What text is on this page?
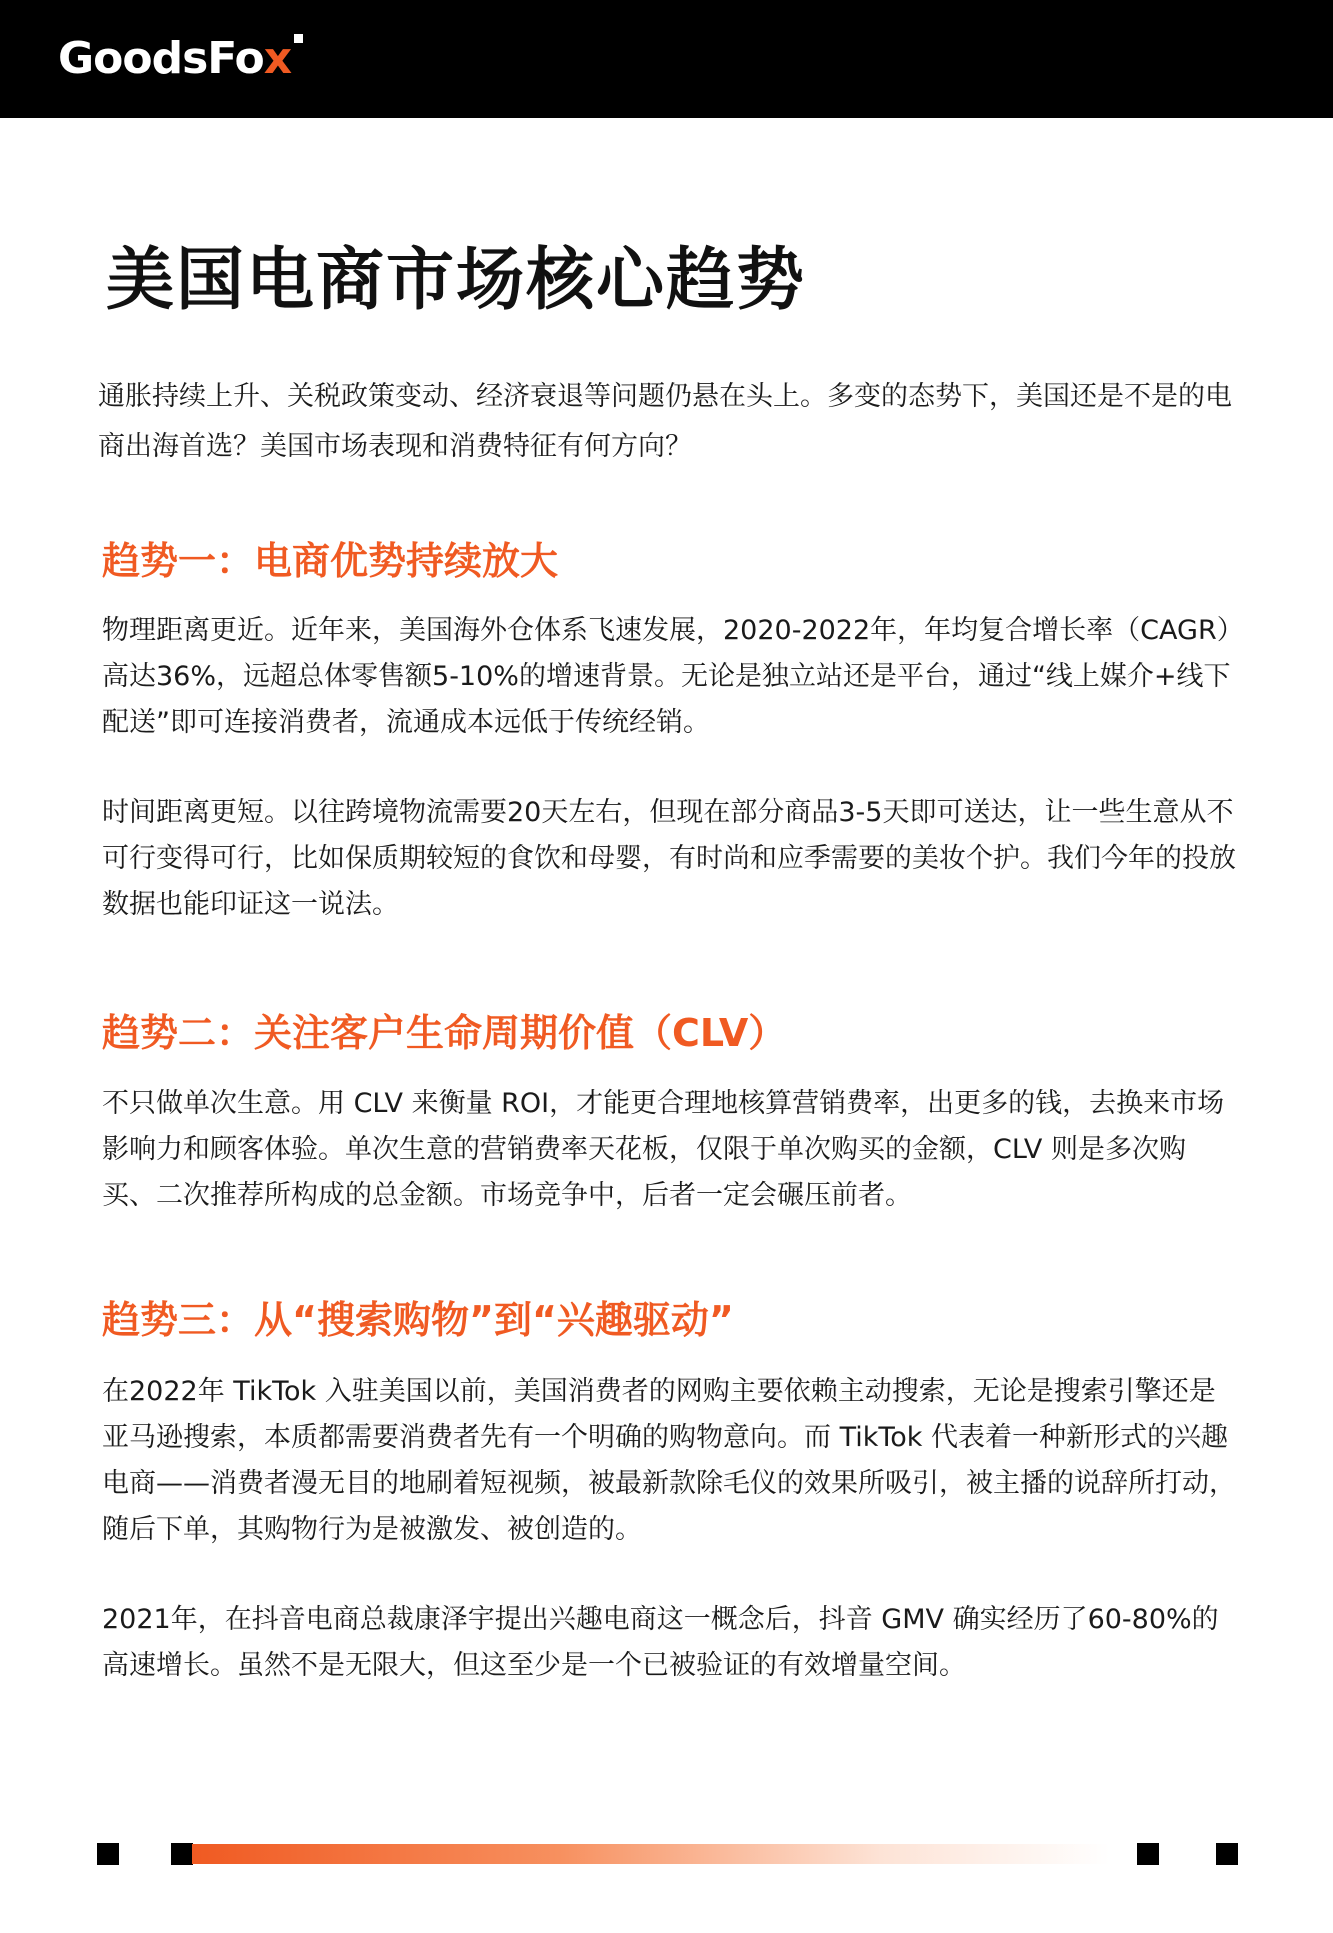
GoodsFo x
美国电商市场核心趋势

通胀持续上升、关税政策变动、经济衰退等问题仍悬在头上。多变的态势下，美国还是不是的电商出海首选？美国市场表现和消费特征有何方向？

趋势一：电商优势持续放大

物理距离更近。近年来，美国海外仓体系飞速发展，2020-2022年，年均复合增长率（CAGR）高达36%，远超总体零售额5-10%的增速背景。无论是独立站还是平台，通过“线上媒介+线下配送”即可连接消费者，流通成本远低于传统经销。

时间距离更短。以往跨境物流需要20天左右，但现在部分商品3-5天即可送达，让一些生意从不可行变得可行，比如保质期较短的食饮和母婴，有时尚和应季需要的美妆个护。我们今年的投放数据也能印证这一说法。

趋势二：关注客户生命周期价值（CLV）

不只做单次生意。用 CLV 来衡量 ROI，才能更合理地核算营销费率，出更多的钱，去换来市场影响力和顾客体验。单次生意的营销费率天花板，仅限于单次购买的金额，CLV 则是多次购买、二次推荐所构成的总金额。市场竞争中，后者一定会碾压前者。

趋势三：从“搜索购物”到“兴趣驱动”

在2022年 TikTok 入驻美国以前，美国消费者的网购主要依赖主动搜索，无论是搜索引擎还是亚马逊搜索，本质都需要消费者先有一个明确的购物意向。而 TikTok 代表着一种新形式的兴趣电商——消费者漫无目的地刷着短视频，被最新款除毛仪的效果所吸引，被主播的说辞所打动，随后下单，其购物行为是被激发、被创造的。

2021年，在抖音电商总裁康泽宇提出兴趣电商这一概念后，抖音 GMV 确实经历了60-80%的高速增长。虽然不是无限大，但这至少是一个已被验证的有效增量空间。
